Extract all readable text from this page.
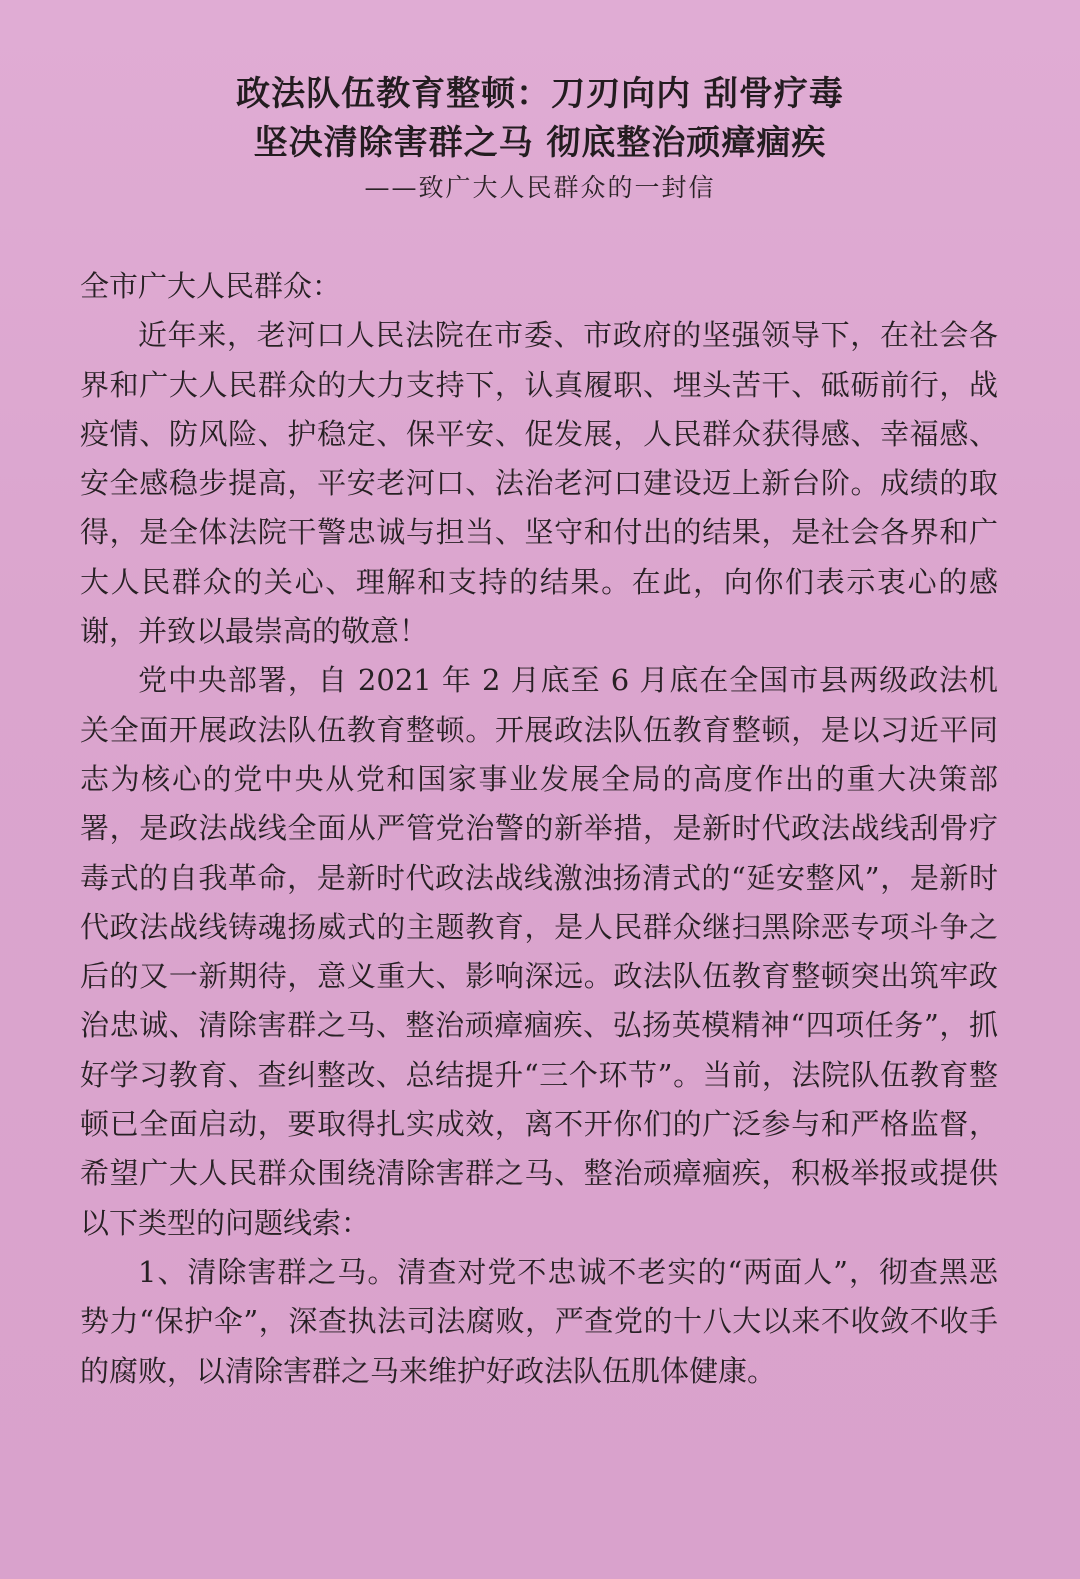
政法队伍教育整顿：刀刃向内 刮骨疗毒
坚决清除害群之马 彻底整治顽瘴痼疾
——致广大人民群众的一封信

全市广大人民群众：

近年来，老河口人民法院在市委、市政府的坚强领导下，在社会各界和广大人民群众的大力支持下，认真履职、埋头苦干、砥砺前行，战疫情、防风险、护稳定、保平安、促发展，人民群众获得感、幸福感、安全感稳步提高，平安老河口、法治老河口建设迈上新台阶。成绩的取得，是全体法院干警忠诚与担当、坚守和付出的结果，是社会各界和广大人民群众的关心、理解和支持的结果。在此，向你们表示衷心的感谢，并致以最崇高的敬意！

党中央部署，自 2021 年 2 月底至 6 月底在全国市县两级政法机关全面开展政法队伍教育整顿。开展政法队伍教育整顿，是以习近平同志为核心的党中央从党和国家事业发展全局的高度作出的重大决策部署，是政法战线全面从严管党治警的新举措，是新时代政法战线刮骨疗毒式的自我革命，是新时代政法战线激浊扬清式的“延安整风”，是新时代政法战线铸魂扬威式的主题教育，是人民群众继扫黑除恶专项斗争之后的又一新期待，意义重大、影响深远。政法队伍教育整顿突出筑牢政治忠诚、清除害群之马、整治顽瘴痼疾、弘扬英模精神“四项任务”，抓好学习教育、查纠整改、总结提升“三个环节”。当前，法院队伍教育整顿已全面启动，要取得扎实成效，离不开你们的广泛参与和严格监督，希望广大人民群众围绕清除害群之马、整治顽瘴痼疾，积极举报或提供以下类型的问题线索：

1、清除害群之马。清查对党不忠诚不老实的“两面人”，彻查黑恶势力“保护伞”，深查执法司法腐败，严查党的十八大以来不收敛不收手的腐败，以清除害群之马来维护好政法队伍肌体健康。
